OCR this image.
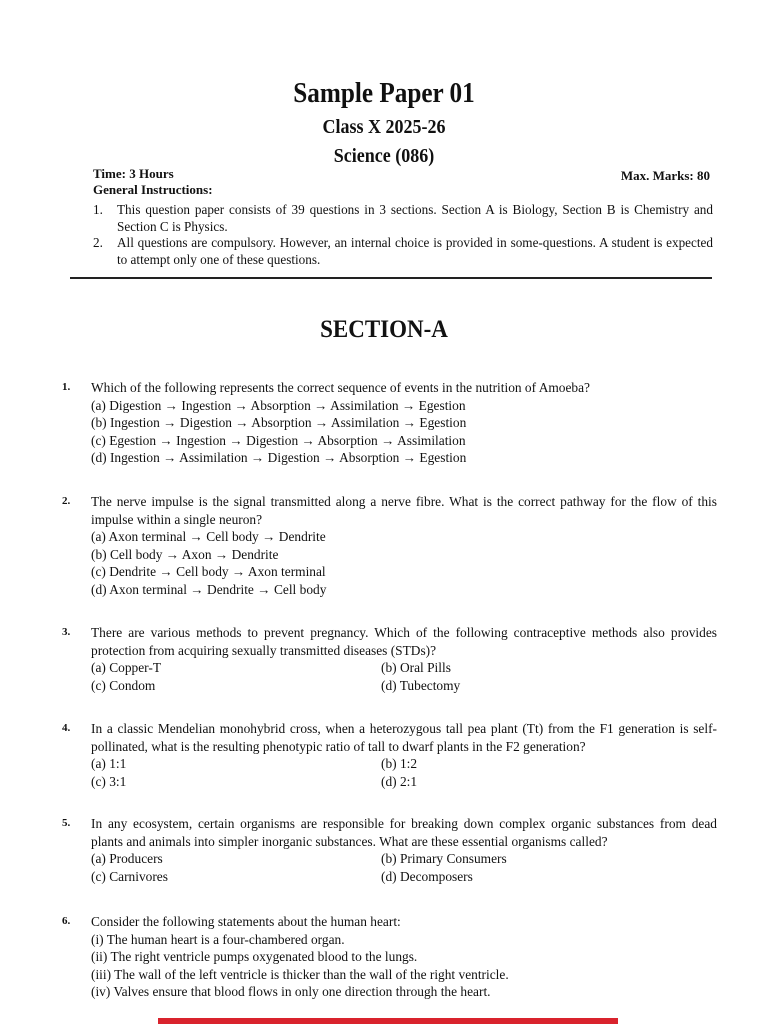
Sample Paper 01
Class X 2025-26
Science (086)
Time: 3 Hours	Max. Marks: 80
General Instructions:
1. This question paper consists of 39 questions in 3 sections. Section A is Biology, Section B is Chemistry and Section C is Physics.
2. All questions are compulsory. However, an internal choice is provided in some-questions. A student is expected to attempt only one of these questions.
SECTION-A
1. Which of the following represents the correct sequence of events in the nutrition of Amoeba?
(a) Digestion → Ingestion → Absorption → Assimilation → Egestion
(b) Ingestion → Digestion → Absorption → Assimilation → Egestion
(c) Egestion → Ingestion → Digestion → Absorption → Assimilation
(d) Ingestion → Assimilation → Digestion → Absorption → Egestion
2. The nerve impulse is the signal transmitted along a nerve fibre. What is the correct pathway for the flow of this impulse within a single neuron?
(a) Axon terminal → Cell body → Dendrite
(b) Cell body → Axon → Dendrite
(c) Dendrite → Cell body → Axon terminal
(d) Axon terminal → Dendrite → Cell body
3. There are various methods to prevent pregnancy. Which of the following contraceptive methods also provides protection from acquiring sexually transmitted diseases (STDs)?
(a) Copper-T	(b) Oral Pills
(c) Condom	(d) Tubectomy
4. In a classic Mendelian monohybrid cross, when a heterozygous tall pea plant (Tt) from the F1 generation is self-pollinated, what is the resulting phenotypic ratio of tall to dwarf plants in the F2 generation?
(a) 1:1	(b) 1:2
(c) 3:1	(d) 2:1
5. In any ecosystem, certain organisms are responsible for breaking down complex organic substances from dead plants and animals into simpler inorganic substances. What are these essential organisms called?
(a) Producers	(b) Primary Consumers
(c) Carnivores	(d) Decomposers
6. Consider the following statements about the human heart:
(i) The human heart is a four-chambered organ.
(ii) The right ventricle pumps oxygenated blood to the lungs.
(iii) The wall of the left ventricle is thicker than the wall of the right ventricle.
(iv) Valves ensure that blood flows in only one direction through the heart.
